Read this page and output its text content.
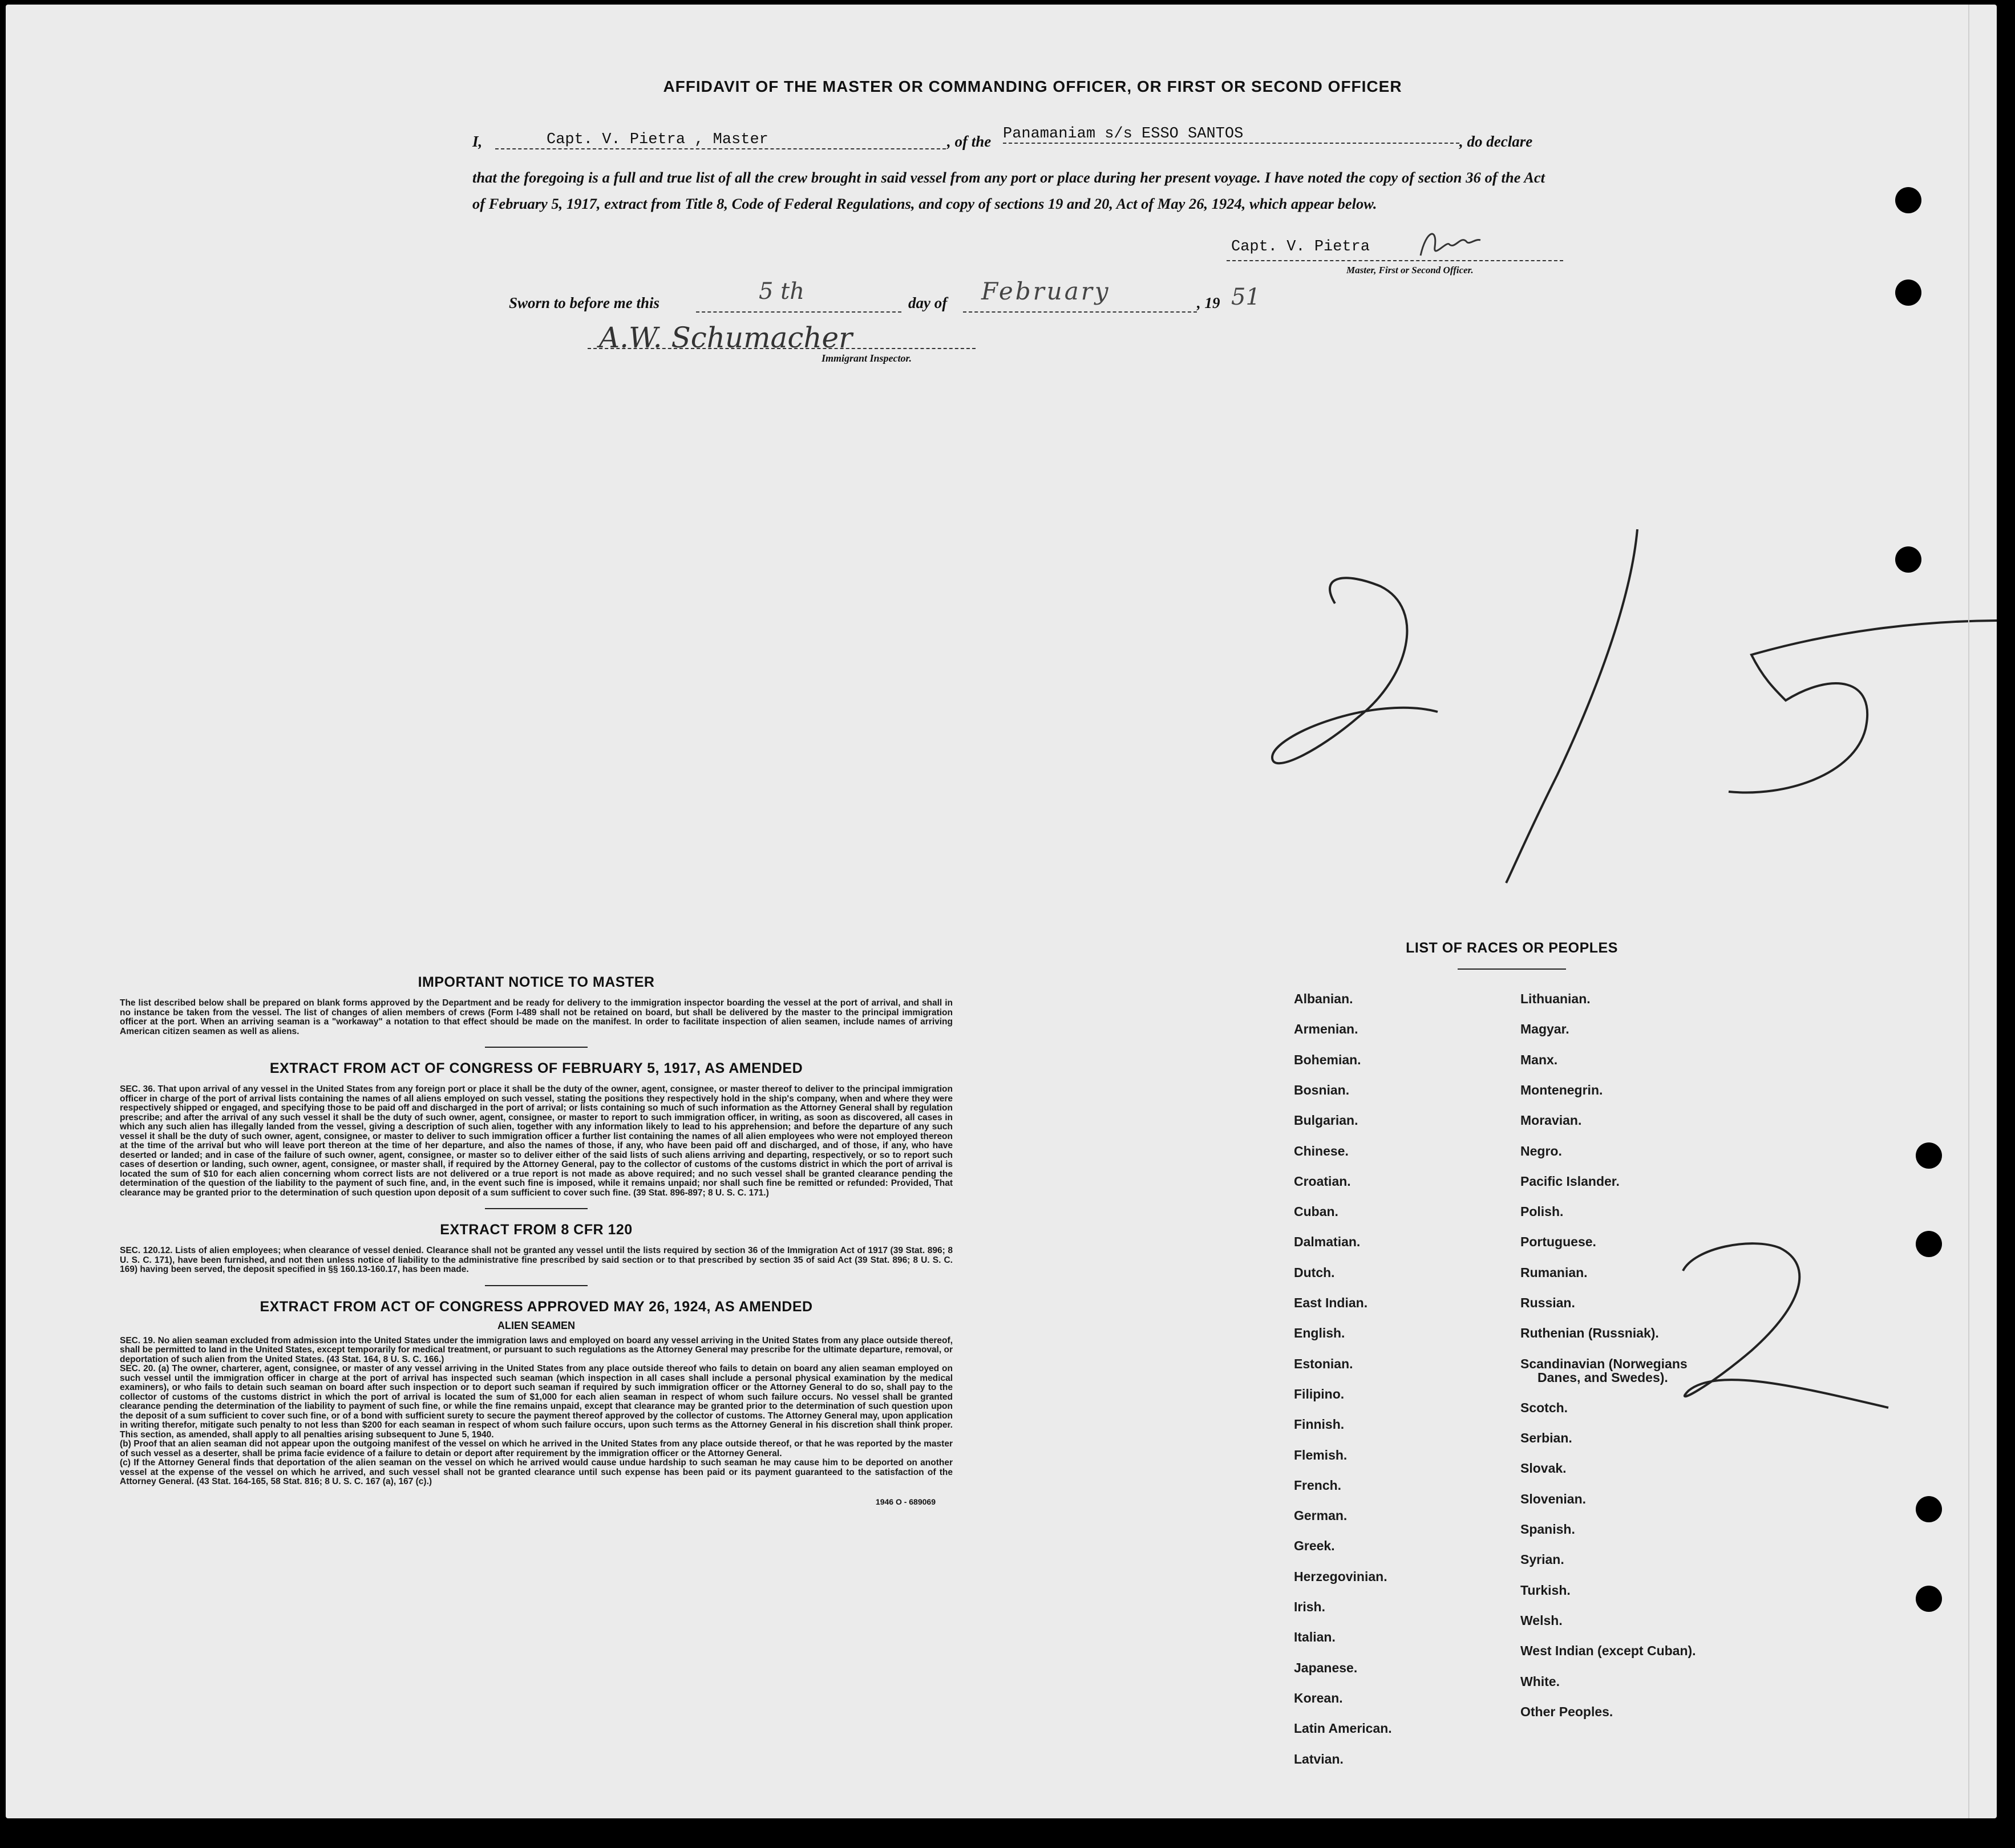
AFFIDAVIT OF THE MASTER OR COMMANDING OFFICER, OR FIRST OR SECOND OFFICER
I,	Capt. V. Pietra , Master	, of the Panamaniam s/s ESSO SANTOS	, do declare
that the foregoing is a full and true list of all the crew brought in said vessel from any port or place during her present voyage. I have noted the copy of section 36 of the Act of February 5, 1917, extract from Title 8, Code of Federal Regulations, and copy of sections 19 and 20, Act of May 26, 1924, which appear below.
Capt. V. Pietra
Master, First or Second Officer.
Sworn to before me this	5 th	day of February	, 19 51
A.W. Schumacher
Immigrant Inspector.
IMPORTANT NOTICE TO MASTER
The list described below shall be prepared on blank forms approved by the Department and be ready for delivery to the immigration inspector boarding the vessel at the port of arrival, and shall in no instance be taken from the vessel. The list of changes of alien members of crews (Form I-489 shall not be retained on board, but shall be delivered by the master to the principal immigration officer at the port. When an arriving seaman is a "workaway" a notation to that effect should be made on the manifest. In order to facilitate inspection of alien seamen, include names of arriving American citizen seamen as well as aliens.
EXTRACT FROM ACT OF CONGRESS OF FEBRUARY 5, 1917, AS AMENDED
SEC. 36. That upon arrival of any vessel in the United States from any foreign port or place it shall be the duty of the owner, agent, consignee, or master thereof to deliver to the principal immigration officer in charge of the port of arrival lists containing the names of all aliens employed on such vessel, stating the positions they respectively hold in the ship's company, when and where they were respectively shipped or engaged, and specifying those to be paid off and discharged in the port of arrival; or lists containing so much of such information as the Attorney General shall by regulation prescribe; and after the arrival of any such vessel it shall be the duty of such owner, agent, consignee, or master to report to such immigration officer, in writing, as soon as discovered, all cases in which any such alien has illegally landed from the vessel, giving a description of such alien, together with any information likely to lead to his apprehension; and before the departure of any such vessel it shall be the duty of such owner, agent, consignee, or master to deliver to such immigration officer a further list containing the names of all alien employees who were not employed thereon at the time of the arrival but who will leave port thereon at the time of her departure, and also the names of those, if any, who have been paid off and discharged, and of those, if any, who have deserted or landed; and in case of the failure of such owner, agent, consignee, or master so to deliver either of the said lists of such aliens arriving and departing, respectively, or so to report such cases of desertion or landing, such owner, agent, consignee, or master shall, if required by the Attorney General, pay to the collector of customs of the customs district in which the port of arrival is located the sum of $10 for each alien concerning whom correct lists are not delivered or a true report is not made as above required; and no such vessel shall be granted clearance pending the determination of the question of the liability to the payment of such fine, and, in the event such fine is imposed, while it remains unpaid; nor shall such fine be remitted or refunded: Provided, That clearance may be granted prior to the determination of such question upon deposit of a sum sufficient to cover such fine. (39 Stat. 896-897; 8 U. S. C. 171.)
EXTRACT FROM 8 CFR 120
SEC. 120.12. Lists of alien employees; when clearance of vessel denied. Clearance shall not be granted any vessel until the lists required by section 36 of the Immigration Act of 1917 (39 Stat. 896; 8 U. S. C. 171), have been furnished, and not then unless notice of liability to the administrative fine prescribed by said section or to that prescribed by section 35 of said Act (39 Stat. 896; 8 U. S. C. 169) having been served, the deposit specified in §§ 160.13-160.17, has been made.
EXTRACT FROM ACT OF CONGRESS APPROVED MAY 26, 1924, AS AMENDED
ALIEN SEAMEN
SEC. 19. No alien seaman excluded from admission into the United States under the immigration laws and employed on board any vessel arriving in the United States from any place outside thereof, shall be permitted to land in the United States, except temporarily for medical treatment, or pursuant to such regulations as the Attorney General may prescribe for the ultimate departure, removal, or deportation of such alien from the United States. (43 Stat. 164, 8 U. S. C. 166.)
SEC. 20. (a) The owner, charterer, agent, consignee, or master of any vessel arriving in the United States from any place outside thereof who fails to detain on board any alien seaman employed on such vessel until the immigration officer in charge at the port of arrival has inspected such seaman (which inspection in all cases shall include a personal physical examination by the medical examiners), or who fails to detain such seaman on board after such inspection or to deport such seaman if required by such immigration officer or the Attorney General to do so, shall pay to the collector of customs of the customs district in which the port of arrival is located the sum of $1,000 for each alien seaman in respect of whom such failure occurs. No vessel shall be granted clearance pending the determination of the liability to payment of such fine, or while the fine remains unpaid, except that clearance may be granted prior to the determination of such question upon the deposit of a sum sufficient to cover such fine, or of a bond with sufficient surety to secure the payment thereof approved by the collector of customs. The Attorney General may, upon application in writing therefor, mitigate such penalty to not less than $200 for each seaman in respect of whom such failure occurs, upon such terms as the Attorney General in his discretion shall think proper. This section, as amended, shall apply to all penalties arising subsequent to June 5, 1940.
(b) Proof that an alien seaman did not appear upon the outgoing manifest of the vessel on which he arrived in the United States from any place outside thereof, or that he was reported by the master of such vessel as a deserter, shall be prima facie evidence of a failure to detain or deport after requirement by the immigration officer or the Attorney General.
(c) If the Attorney General finds that deportation of the alien seaman on the vessel on which he arrived would cause undue hardship to such seaman he may cause him to be deported on another vessel at the expense of the vessel on which he arrived, and such vessel shall not be granted clearance until such expense has been paid or its payment guaranteed to the satisfaction of the Attorney General. (43 Stat. 164-165, 58 Stat. 816; 8 U. S. C. 167 (a), 167 (c).)
1946 O - 689069
LIST OF RACES OR PEOPLES
Albanian.
Armenian.
Bohemian.
Bosnian.
Bulgarian.
Chinese.
Croatian.
Cuban.
Dalmatian.
Dutch.
East Indian.
English.
Estonian.
Filipino.
Finnish.
Flemish.
French.
German.
Greek.
Herzegovinian.
Irish.
Italian.
Japanese.
Korean.
Latin American.
Latvian.
Lithuanian.
Magyar.
Manx.
Montenegrin.
Moravian.
Negro.
Pacific Islander.
Polish.
Portuguese.
Rumanian.
Russian.
Ruthenian (Russniak).
Scandinavian (Norwegians
Danes, and Swedes).
Scotch.
Serbian.
Slovak.
Slovenian.
Spanish.
Syrian.
Turkish.
Welsh.
West Indian (except Cuban).
White.
Other Peoples.
